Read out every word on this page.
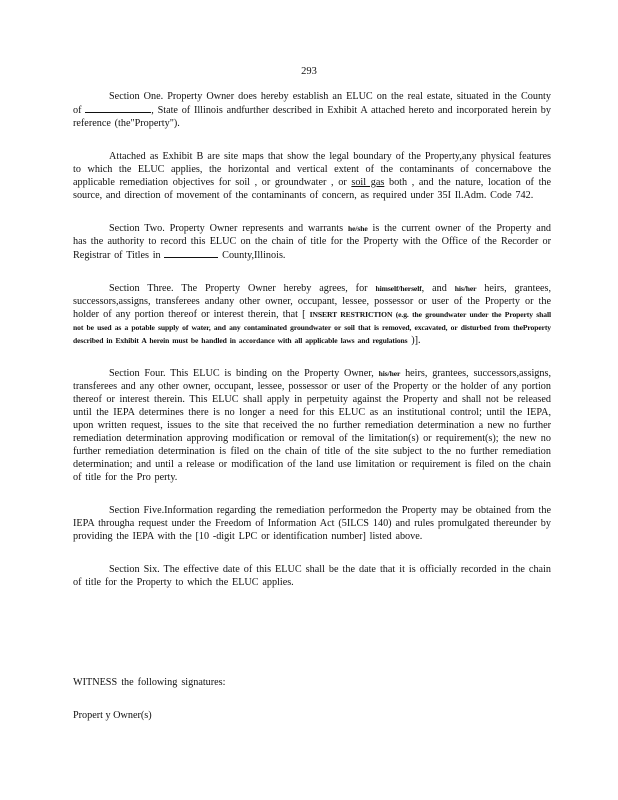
293

Section One. Property Owner does hereby establish an ELUC on the real estate, situated in the County of	, State of Illinois andfurther described in Exhibit A attached hereto and incorporated herein by reference (the"Property").

Attached as Exhibit B are site maps that show the legal boundary of the Property,any physical features to which the ELUC applies, the horizontal and vertical extent of the contaminants of concernabove the applicable remediation objectives for soil , or groundwater , or soil gas both , and the nature, location of the source, and direction of movement of the contaminants of concern, as required under 35I Il.Adm. Code 742.

Section Two. Property Owner represents and warrants he/she is the current owner of the Property and has the authority to record this ELUC on the chain of title for the Property with the Office of the Recorder or Registrar of Titles in	County,Illinois.

Section Three. The Property Owner hereby agrees, for himself/herself, and his/her heirs, grantees, successors,assigns, transferees andany other owner, occupant, lessee, possessor or user of the Property or the holder of any portion thereof or interest therein, that [ INSERT RESTRICTION (e.g. the groundwater under the Property shall not be used as a potable supply of water, and any contaminated groundwater or soil that is removed, excavated, or disturbed from theProperty described in Exhibit A herein must be handled in accordance with all applicable laws and regulations )].

Section Four. This ELUC is binding on the Property Owner, his/her heirs, grantees, successors,assigns, transferees and any other owner, occupant, lessee, possessor or user of the Property or the holder of any portion thereof or interest therein. This ELUC shall apply in perpetuity against the Property and shall not be released until the IEPA determines there is no longer a need for this ELUC as an institutional control; until the IEPA, upon written request, issues to the site that received the no further remediation determination a new no further remediation determination approving modification or removal of the limitation(s) or requirement(s); the new no further remediation determination is filed on the chain of title of the site subject to the no further remediation determination; and until a release or modification of the land use limitation or requirement is filed on the chain of title for the Pro perty.

Section Five.Information regarding the remediation performedon the Property may be obtained from the IEPA througha request under the Freedom of Information Act (5ILCS 140) and rules promulgated thereunder by providing the IEPA with the [10 -digit LPC or identification number] listed above.

Section Six. The effective date of this ELUC shall be the date that it is officially recorded in the chain of title for the Property to which the ELUC applies.

WITNESS the following signatures:
Propert y Owner(s)
